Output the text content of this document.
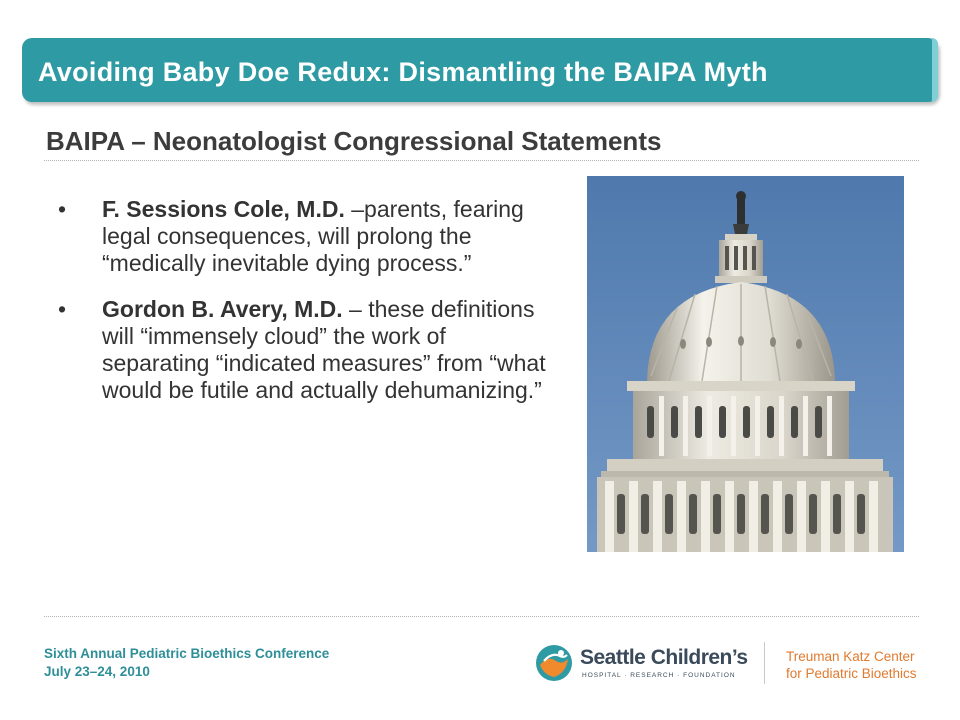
Avoiding Baby Doe Redux: Dismantling the BAIPA Myth
BAIPA – Neonatologist Congressional Statements
• F. Sessions Cole, M.D. –parents, fearing legal consequences, will prolong the “medically inevitable dying process.”
• Gordon B. Avery, M.D. – these definitions will “immensely cloud” the work of separating “indicated measures” from “what would be futile and actually dehumanizing.”
Sixth Annual Pediatric Bioethics Conference
July 23–24, 2010
Seattle Children’s
HOSPITAL · RESEARCH · FOUNDATION
Treuman Katz Center
for Pediatric Bioethics
